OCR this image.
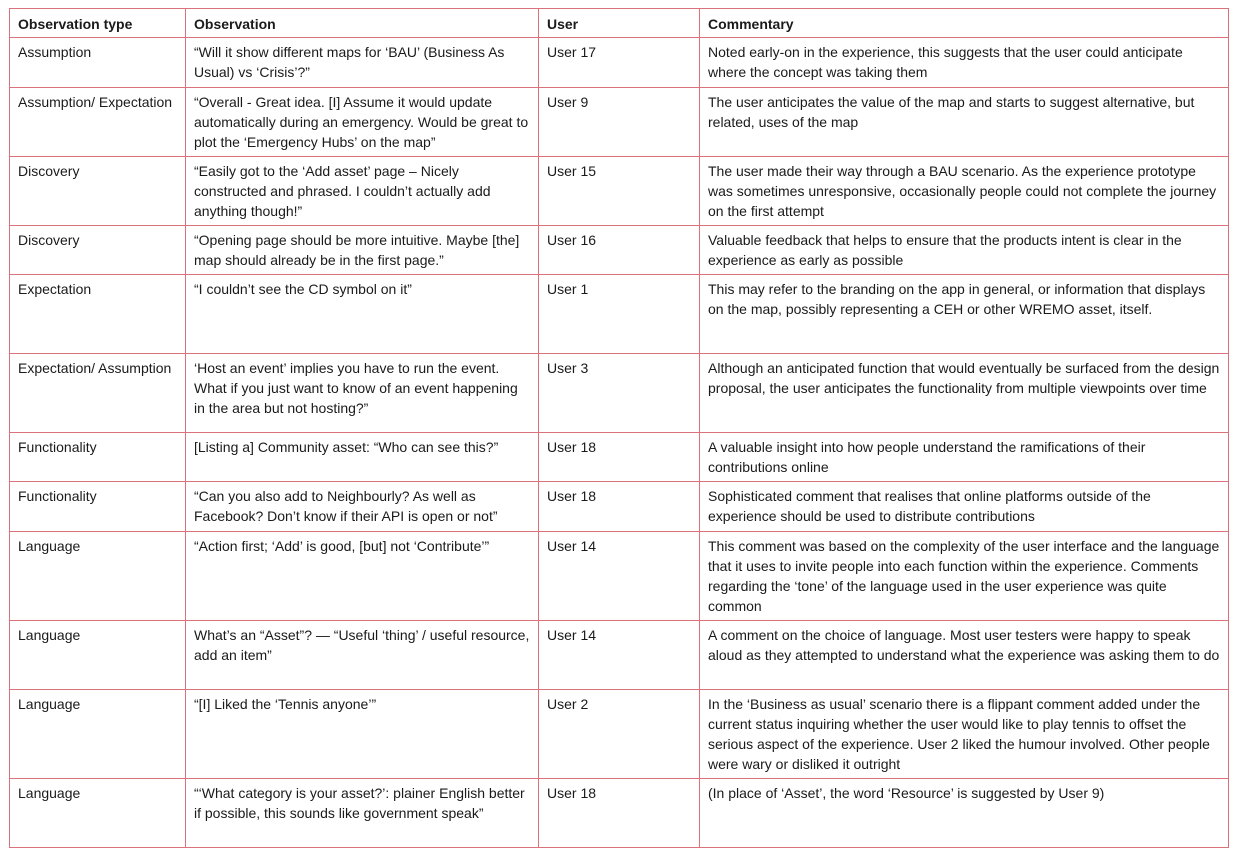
Observation type	Observation	User	Commentary
Assumption	“Will it show different maps for ‘BAU’ (Business As Usual) vs ‘Crisis’?”	User 17	Noted early-on in the experience, this suggests that the user could anticipate where the concept was taking them
Assumption/ Expectation	“Overall - Great idea. [I] Assume it would update automatically during an emergency. Would be great to plot the ‘Emergency Hubs’ on the map”	User 9	The user anticipates the value of the map and starts to suggest alternative, but related, uses of the map
Discovery	“Easily got to the ‘Add asset’ page – Nicely constructed and phrased. I couldn’t actually add anything though!”	User 15	The user made their way through a BAU scenario. As the experience prototype was sometimes unresponsive, occasionally people could not complete the journey on the first attempt
Discovery	“Opening page should be more intuitive. Maybe [the] map should already be in the first page.”	User 16	Valuable feedback that helps to ensure that the products intent is clear in the experience as early as possible
Expectation	“I couldn’t see the CD symbol on it”	User 1	This may refer to the branding on the app in general, or information that displays on the map, possibly representing a CEH or other WREMO asset, itself.
Expectation/ Assumption	‘Host an event’ implies you have to run the event. What if you just want to know of an event happening in the area but not hosting?”	User 3	Although an anticipated function that would eventually be surfaced from the design proposal, the user anticipates the functionality from multiple viewpoints over time
Functionality	[Listing a] Community asset: “Who can see this?”	User 18	A valuable insight into how people understand the ramifications of their contributions online
Functionality	“Can you also add to Neighbourly? As well as Facebook? Don’t know if their API is open or not”	User 18	Sophisticated comment that realises that online platforms outside of the experience should be used to distribute contributions
Language	“Action first; ‘Add’ is good, [but] not ‘Contribute’”	User 14	This comment was based on the complexity of the user interface and the language that it uses to invite people into each function within the experience. Comments regarding the ‘tone’ of the language used in the user experience was quite common
Language	What’s an “Asset”? — “Useful ‘thing’ / useful resource, add an item”	User 14	A comment on the choice of language. Most user testers were happy to speak aloud as they attempted to understand what the experience was asking them to do
Language	“[I] Liked the ‘Tennis anyone’”	User 2	In the ‘Business as usual’ scenario there is a flippant comment added under the current status inquiring whether the user would like to play tennis to offset the serious aspect of the experience. User 2 liked the humour involved. Other people were wary or disliked it outright
Language	“‘What category is your asset?’: plainer English better if possible, this sounds like government speak”	User 18	(In place of ‘Asset’, the word ‘Resource’ is suggested by User 9)
